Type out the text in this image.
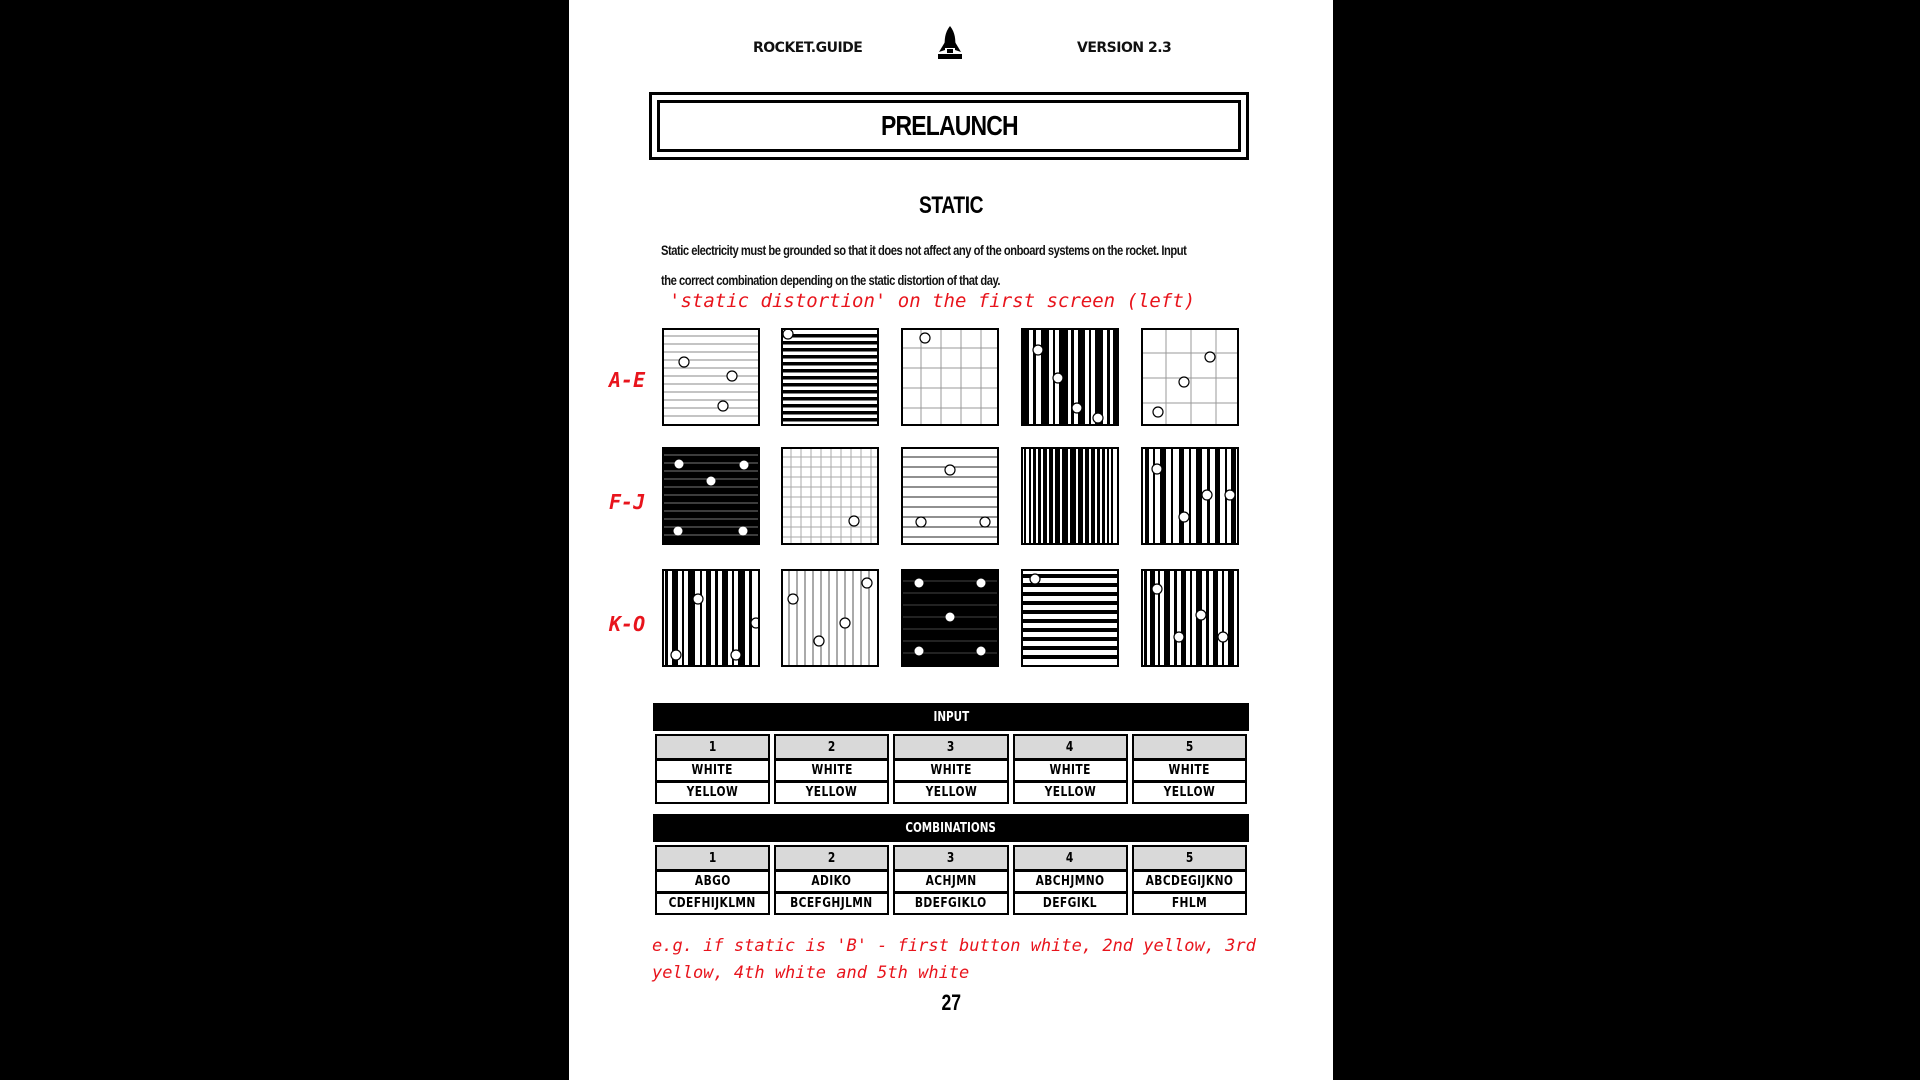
ROCKET.GUIDE	VERSION 2.3
PRELAUNCH
STATIC
Static electricity must be grounded so that it does not affect any of the onboard systems on the rocket. Input
the correct combination depending on the static distortion of that day.
'static distortion' on the first screen (left)
A-E
F-J
K-O
INPUT
1	2	3	4	5
WHITE	WHITE	WHITE	WHITE	WHITE
YELLOW	YELLOW	YELLOW	YELLOW	YELLOW
COMBINATIONS
1	2	3	4	5
ABGO	ADIKO	ACHJMN	ABCHJMNO	ABCDEGIJKNO
CDEFHIJKLMN	BCEFGHJLMN	BDEFGIKLO	DEFGIKL	FHLM
e.g. if static is 'B' - first button white, 2nd yellow, 3rd
yellow, 4th white and 5th white
27
